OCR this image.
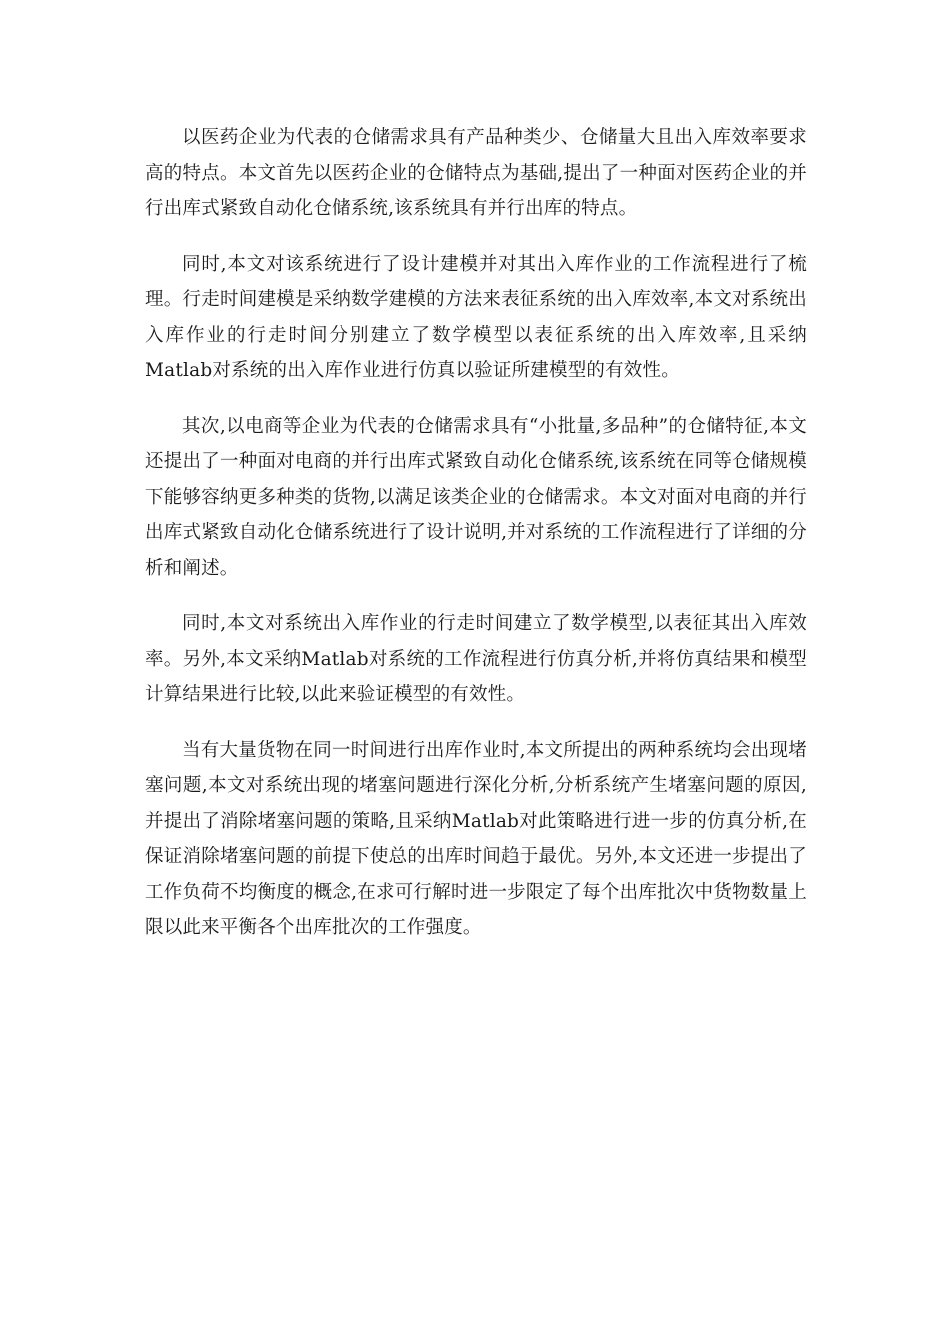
以医药企业为代表的仓储需求具有产品种类少、仓储量大且出入库效率要求高的特点。本文首先以医药企业的仓储特点为基础,提出了一种面对医药企业的并行出库式紧致自动化仓储系统,该系统具有并行出库的特点。

同时,本文对该系统进行了设计建模并对其出入库作业的工作流程进行了梳理。行走时间建模是采纳数学建模的方法来表征系统的出入库效率,本文对系统出入库作业的行走时间分别建立了数学模型以表征系统的出入库效率,且采纳Matlab对系统的出入库作业进行仿真以验证所建模型的有效性。

其次,以电商等企业为代表的仓储需求具有“小批量,多品种”的仓储特征,本文还提出了一种面对电商的并行出库式紧致自动化仓储系统,该系统在同等仓储规模下能够容纳更多种类的货物,以满足该类企业的仓储需求。本文对面对电商的并行出库式紧致自动化仓储系统进行了设计说明,并对系统的工作流程进行了详细的分析和阐述。

同时,本文对系统出入库作业的行走时间建立了数学模型,以表征其出入库效率。另外,本文采纳Matlab对系统的工作流程进行仿真分析,并将仿真结果和模型计算结果进行比较,以此来验证模型的有效性。

当有大量货物在同一时间进行出库作业时,本文所提出的两种系统均会出现堵塞问题,本文对系统出现的堵塞问题进行深化分析,分析系统产生堵塞问题的原因,并提出了消除堵塞问题的策略,且采纳Matlab对此策略进行进一步的仿真分析,在保证消除堵塞问题的前提下使总的出库时间趋于最优。另外,本文还进一步提出了工作负荷不均衡度的概念,在求可行解时进一步限定了每个出库批次中货物数量上限以此来平衡各个出库批次的工作强度。
